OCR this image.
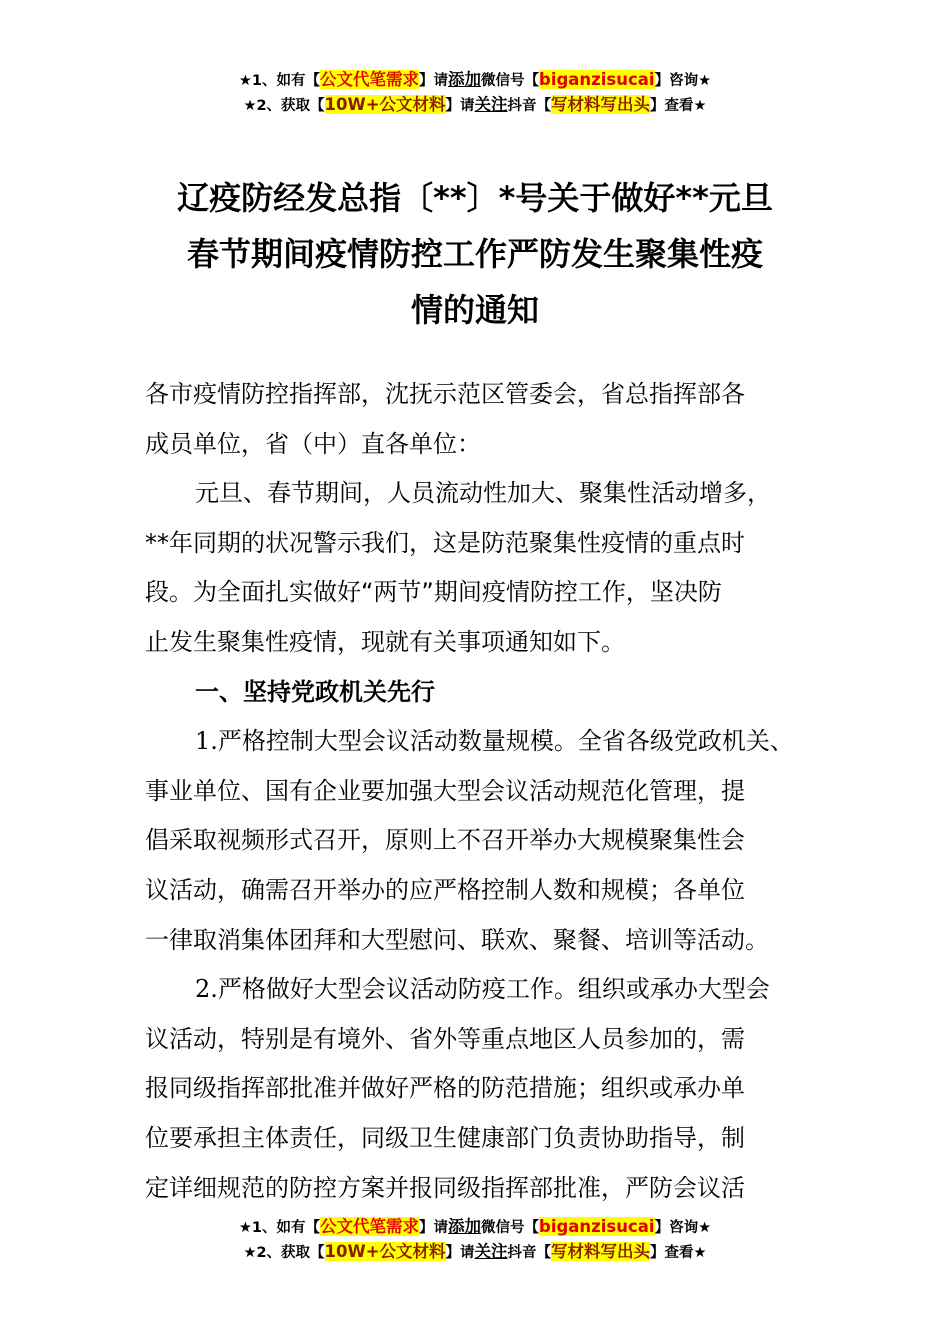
★1、如有【公文代笔需求】请添加微信号【biganzisucai】咨询★
★2、获取【10W+公文材料】请关注抖音【写材料写出头】查看★
辽疫防经发总指〔**〕*号关于做好**元旦
春节期间疫情防控工作严防发生聚集性疫
情的通知

各市疫情防控指挥部，沈抚示范区管委会，省总指挥部各
成员单位，省（中）直各单位：

元旦、春节期间，人员流动性加大、聚集性活动增多，
**年同期的状况警示我们，这是防范聚集性疫情的重点时
段。为全面扎实做好“两节”期间疫情防控工作，坚决防
止发生聚集性疫情，现就有关事项通知如下。

一、坚持党政机关先行

1.严格控制大型会议活动数量规模。全省各级党政机关、
事业单位、国有企业要加强大型会议活动规范化管理，提
倡采取视频形式召开，原则上不召开举办大规模聚集性会
议活动，确需召开举办的应严格控制人数和规模；各单位
一律取消集体团拜和大型慰问、联欢、聚餐、培训等活动。

2.严格做好大型会议活动防疫工作。组织或承办大型会
议活动，特别是有境外、省外等重点地区人员参加的，需
报同级指挥部批准并做好严格的防范措施；组织或承办单
位要承担主体责任，同级卫生健康部门负责协助指导，制
定详细规范的防控方案并报同级指挥部批准，严防会议活

★1、如有【公文代笔需求】请添加微信号【biganzisucai】咨询★
★2、获取【10W+公文材料】请关注抖音【写材料写出头】查看★
